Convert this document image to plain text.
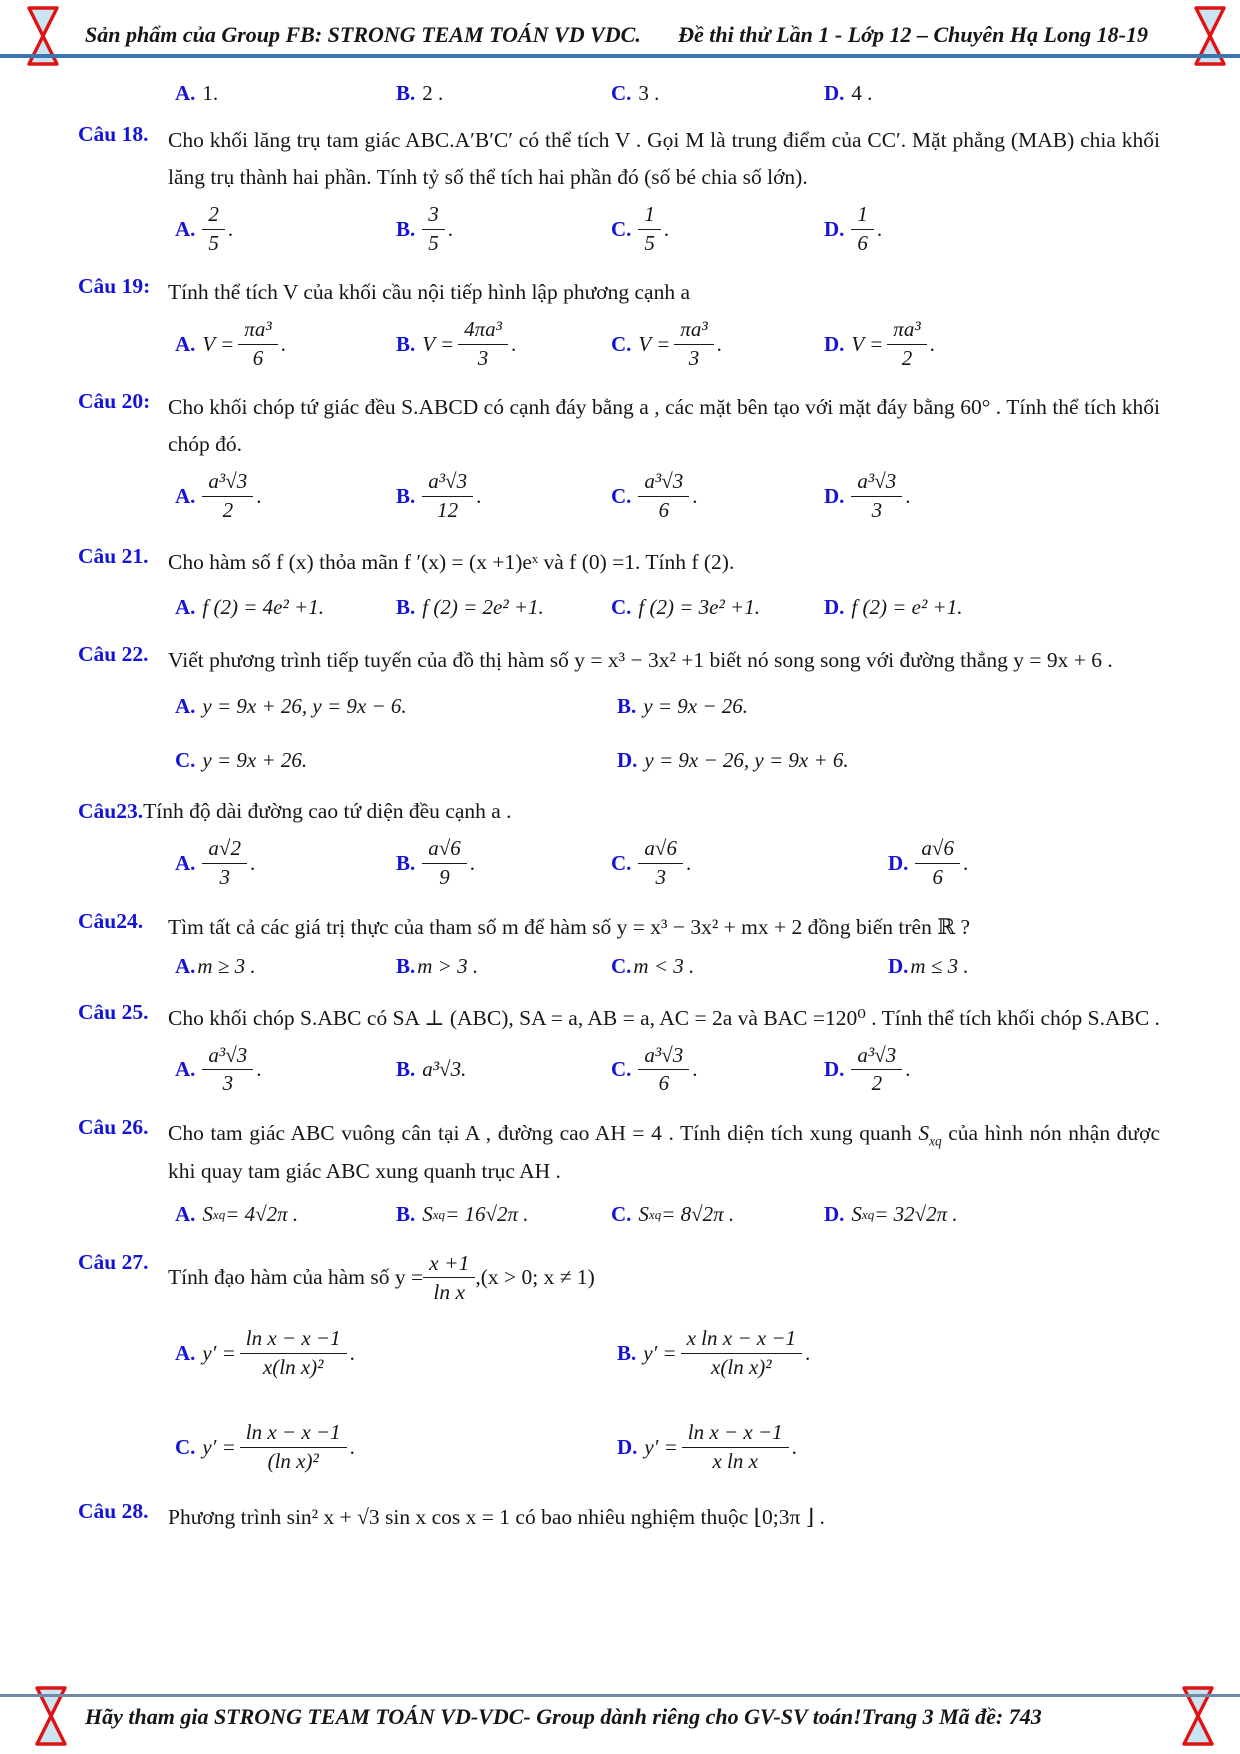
Sản phẩm của Group FB: STRONG TEAM TOÁN VD VDC. Đề thi thử Lần 1 - Lớp 12 – Chuyên Hạ Long 18-19
A. 1.	B. 2 .	C. 3 .	D. 4 .
Câu 18. Cho khối lăng trụ tam giác ABC.A′B′C′ có thể tích V . Gọi M là trung điểm của CC′. Mặt phẳng (MAB) chia khối lăng trụ thành hai phần. Tính tỷ số thể tích hai phần đó (số bé chia số lớn).
A. $\frac{2}{5}$ .	B. $\frac{3}{5}$ .	C. $\frac{1}{5}$ .	D. $\frac{1}{6}$ .
Câu 19: Tính thể tích V của khối cầu nội tiếp hình lập phương cạnh a
A. $V = \frac{\text{πa³}}{6}$ .	B. $V = \frac{\text{4πa³}}{3}$ .	C. $V = \frac{\text{πa³}}{3}$ .	D. $V = \frac{\text{πa³}}{2}$ .
Câu 20: Cho khối chóp tứ giác đều S.ABCD có cạnh đáy bằng a , các mặt bên tạo với mặt đáy bằng 60° . Tính thể tích khối chóp đó.
A. $\frac{\text{a³√3}}{2}$ .	B. $\frac{\text{a³√3}}{12}$ .	C. $\frac{\text{a³√3}}{6}$ .	D. $\frac{\text{a³√3}}{3}$ .
Câu 21. Cho hàm số f (x) thỏa mãn f ′(x) = (x +1)eˣ và f (0) =1. Tính f (2).
A. f (2) = 4e² +1.	B. f (2) = 2e² +1.	C. f (2) = 3e² +1.	D. f (2) = e² +1.
Câu 22. Viết phương trình tiếp tuyến của đồ thị hàm số y = x³ − 3x² +1 biết nó song song với đường thẳng y = 9x + 6 .
A. y = 9x + 26, y = 9x − 6.	B. y = 9x − 26.
C. y = 9x + 26.	D. y = 9x − 26, y = 9x + 6.
Câu23.Tính độ dài đường cao tứ diện đều cạnh a .
A. $\frac{a√2}{3}$ .	B. $\frac{a√6}{9}$ .	C. $\frac{a√6}{3}$ .	D. $\frac{a√6}{6}$ .
Câu24.	Tìm tất cả các giá trị thực của tham số m để hàm số y = x³ − 3x² + mx + 2 đồng biến trên ℝ ?
A. m ≥ 3 .	B. m > 3 .	C. m < 3 .	D. m ≤ 3 .
Câu 25. Cho khối chóp S.ABC có SA ⊥ (ABC), SA = a, AB = a, AC = 2a và BAC =120⁰ . Tính thể tích khối chóp S.ABC .
A. $\frac{\text{a³√3}}{3}$ .	B. a³√3.	C. $\frac{\text{a³√3}}{6}$ .	D. $\frac{\text{a³√3}}{2}$ .
Câu 26. Cho tam giác ABC vuông cân tại A , đường cao AH = 4 . Tính diện tích xung quanh $S_{xq}$ của hình nón nhận được khi quay tam giác ABC xung quanh trục AH .
A. S xq = 4√2π .	B. S xq = 16√2π .	C. S xq = 8√2π .	D. S xq = 32√2π .
Câu 27.
Tính đạo hàm của hàm số $y = \frac{x +1}{\text{ln x}} ,(x > 0$; x ≠ 1)
A. $y' = \frac{\text{ln x − x −1}}{\text{x(ln x)²}}$ .	B. $y' = \frac{\text{x ln x − x −1}}{\text{x(ln x)²}}$ .
C. $y' = \frac{\text{ln x − x −1}}{\text{(ln x)²}}$ .	D. $y' = \frac{\text{ln x − x −1}}{\text{x ln x}}$ .
Câu 28. Phương trình sin² x + √3 sin x cos x = 1 có bao nhiêu nghiệm thuộc ⌊0;3π ⌋ .
Hãy tham gia STRONG TEAM TOÁN VD-VDC- Group dành riêng cho GV-SV toán! Trang 3 Mã đề: 743
